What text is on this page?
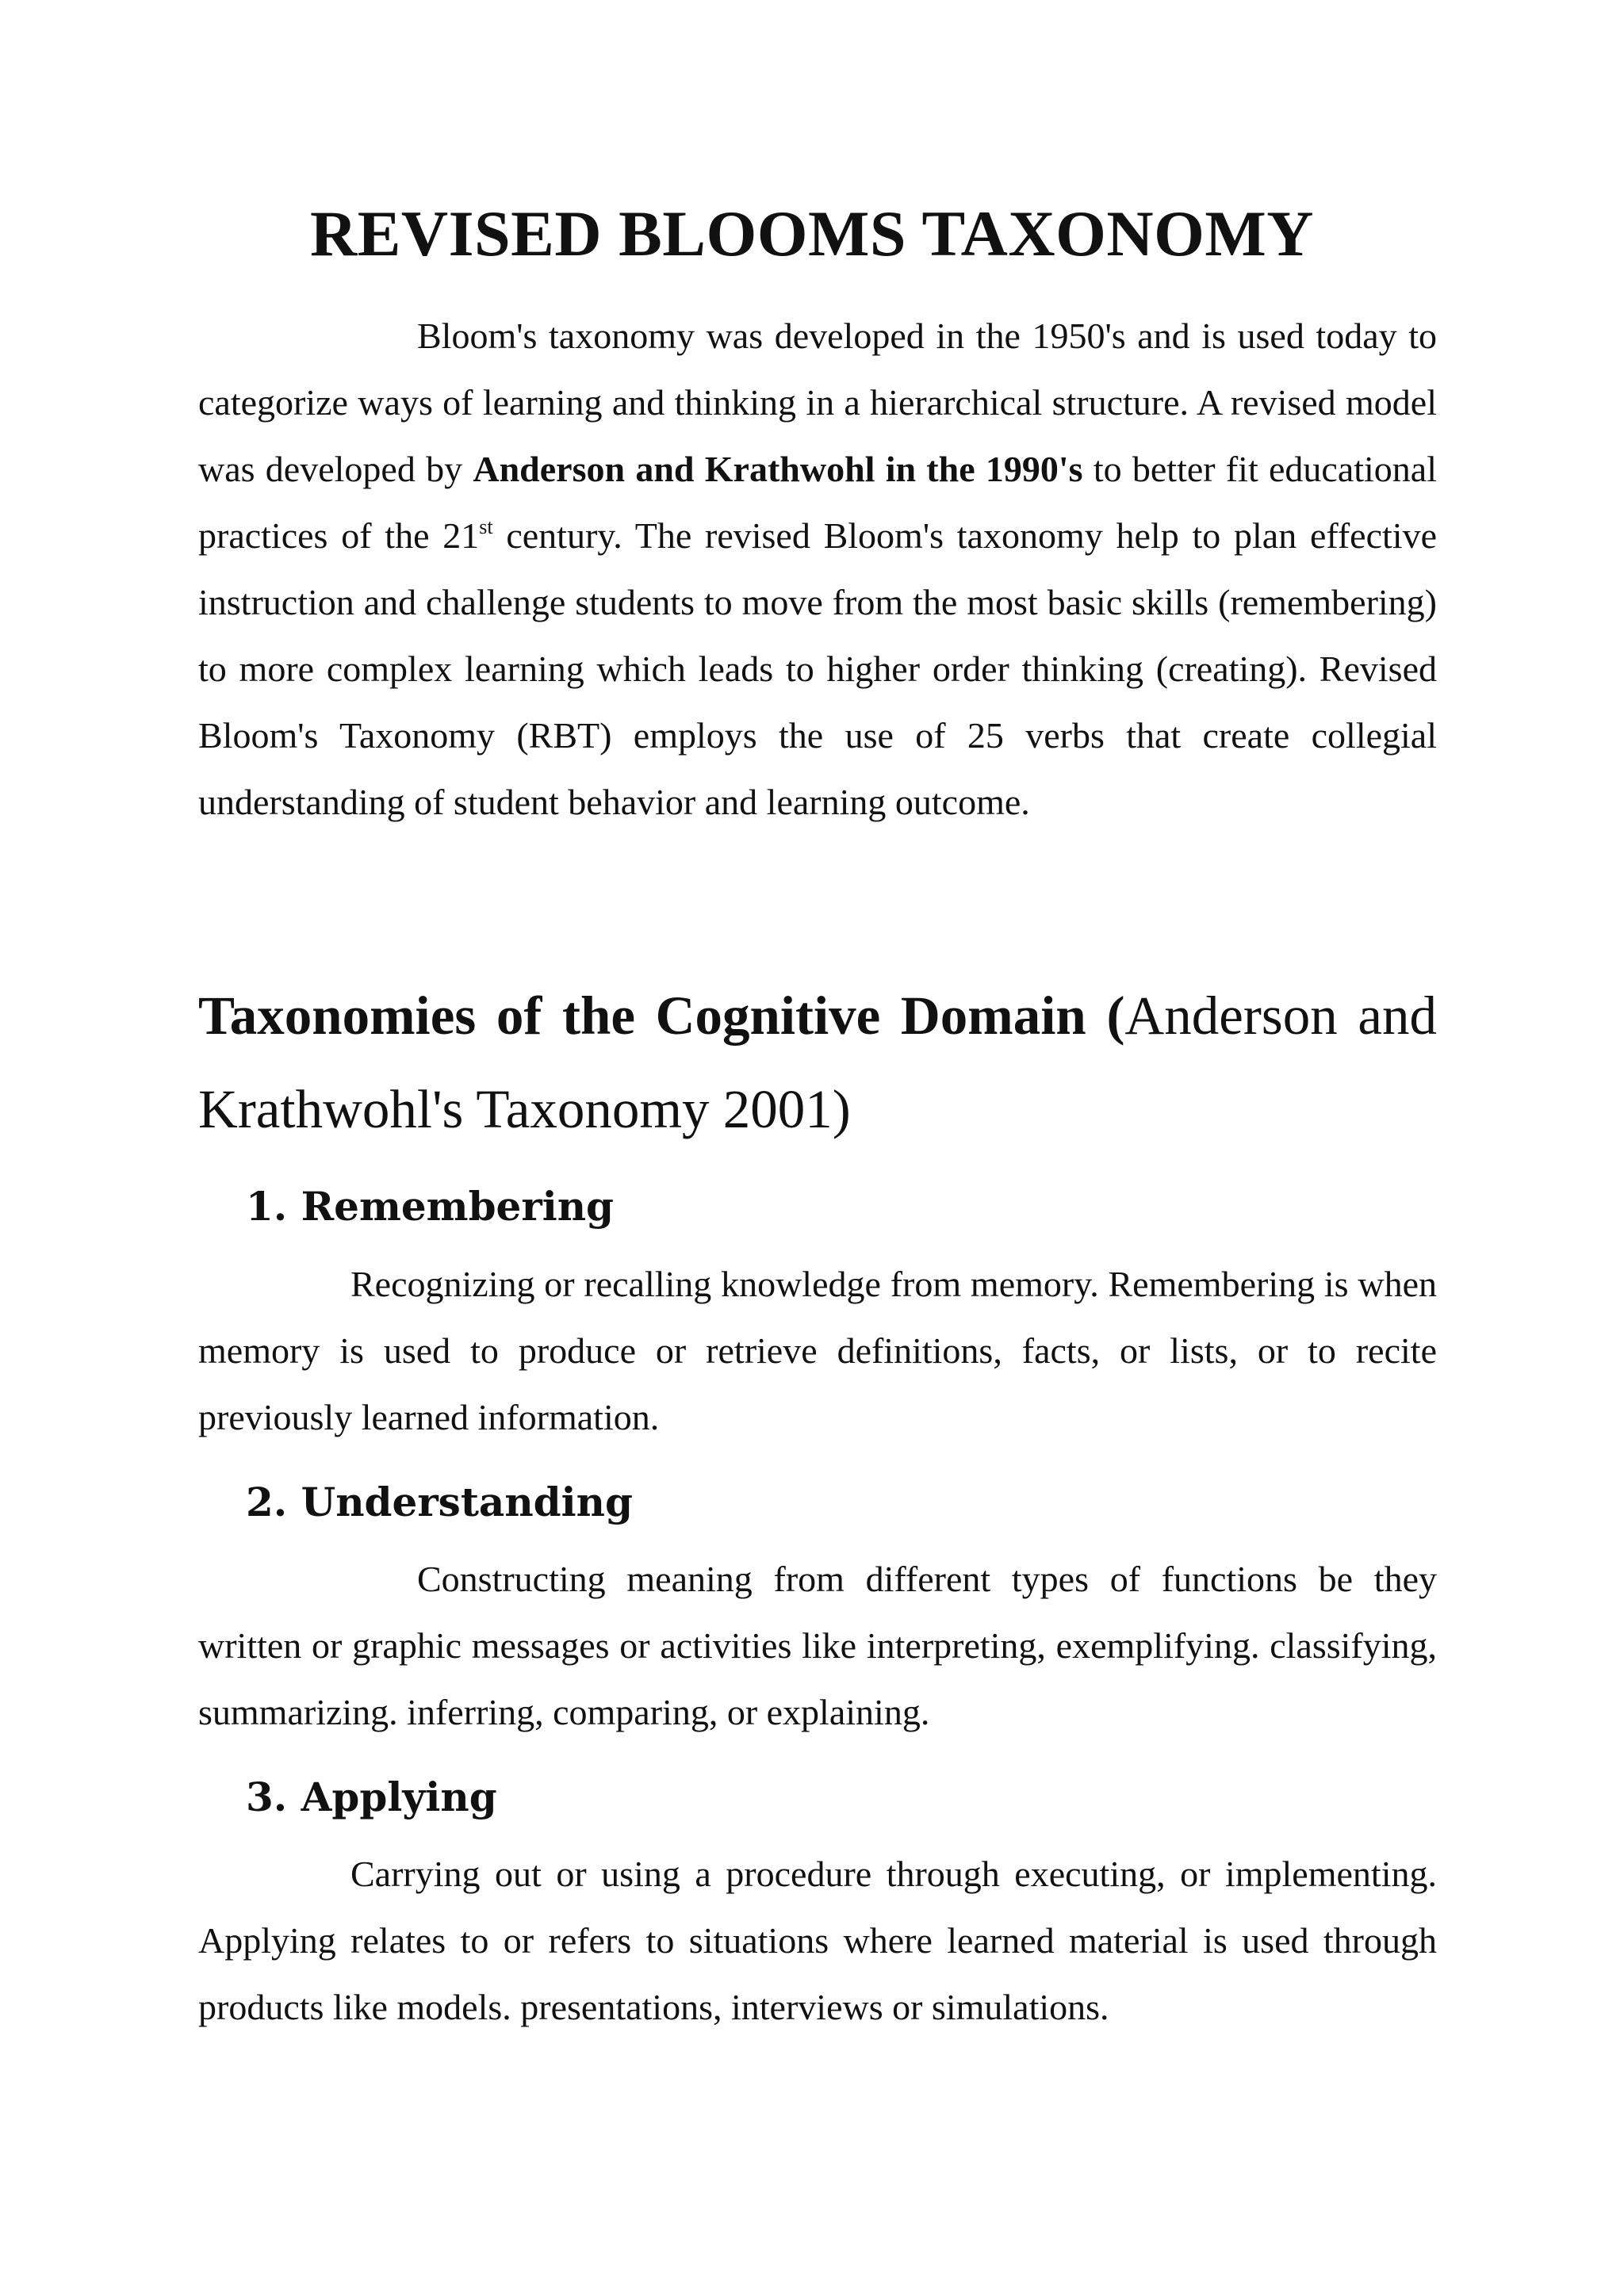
REVISED BLOOMS TAXONOMY

Bloom's taxonomy was developed in the 1950's and is used today to categorize ways of learning and thinking in a hierarchical structure. A revised model was developed by Anderson and Krathwohl in the 1990's to better fit educational practices of the 21st century. The revised Bloom's taxonomy help to plan effective instruction and challenge students to move from the most basic skills (remembering) to more complex learning which leads to higher order thinking (creating). Revised Bloom's Taxonomy (RBT) employs the use of 25 verbs that create collegial understanding of student behavior and learning outcome.

Taxonomies of the Cognitive Domain (Anderson and Krathwohl's Taxonomy 2001)
1. Remembering

Recognizing or recalling knowledge from memory. Remembering is when memory is used to produce or retrieve definitions, facts, or lists, or to recite previously learned information.

2. Understanding

Constructing meaning from different types of functions be they written or graphic messages or activities like interpreting, exemplifying. classifying, summarizing. inferring, comparing, or explaining.

3. Applying

Carrying out or using a procedure through executing, or implementing. Applying relates to or refers to situations where learned material is used through products like models. presentations, interviews or simulations.
